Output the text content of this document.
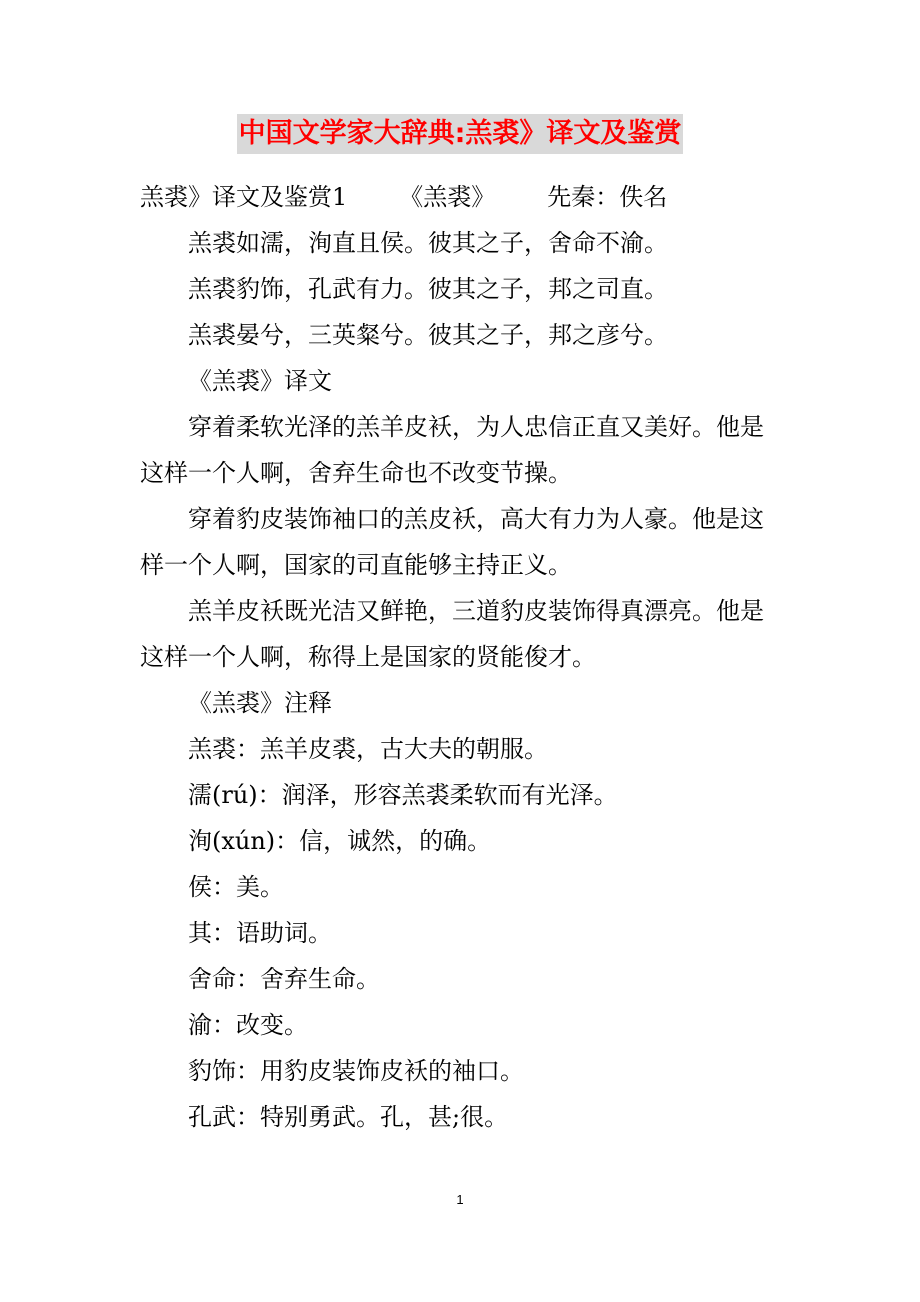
中国文学家大辞典:羔裘》译文及鉴赏
羔裘》译文及鉴赏1 《羔裘》 先秦：佚名
羔裘如濡，洵直且侯。彼其之子，舍命不渝。
羔裘豹饰，孔武有力。彼其之子，邦之司直。
羔裘晏兮，三英粲兮。彼其之子，邦之彦兮。
《羔裘》译文
穿着柔软光泽的羔羊皮袄，为人忠信正直又美好。他是
这样一个人啊，舍弃生命也不改变节操。
穿着豹皮装饰袖口的羔皮袄，高大有力为人豪。他是这
样一个人啊，国家的司直能够主持正义。
羔羊皮袄既光洁又鲜艳，三道豹皮装饰得真漂亮。他是
这样一个人啊，称得上是国家的贤能俊才。
《羔裘》注释
羔裘：羔羊皮裘，古大夫的朝服。
濡(rú)：润泽，形容羔裘柔软而有光泽。
洵(xún)：信，诚然，的确。
侯：美。
其：语助词。
舍命：舍弃生命。
渝：改变。
豹饰：用豹皮装饰皮袄的袖口。
孔武：特别勇武。孔，甚;很。
1
